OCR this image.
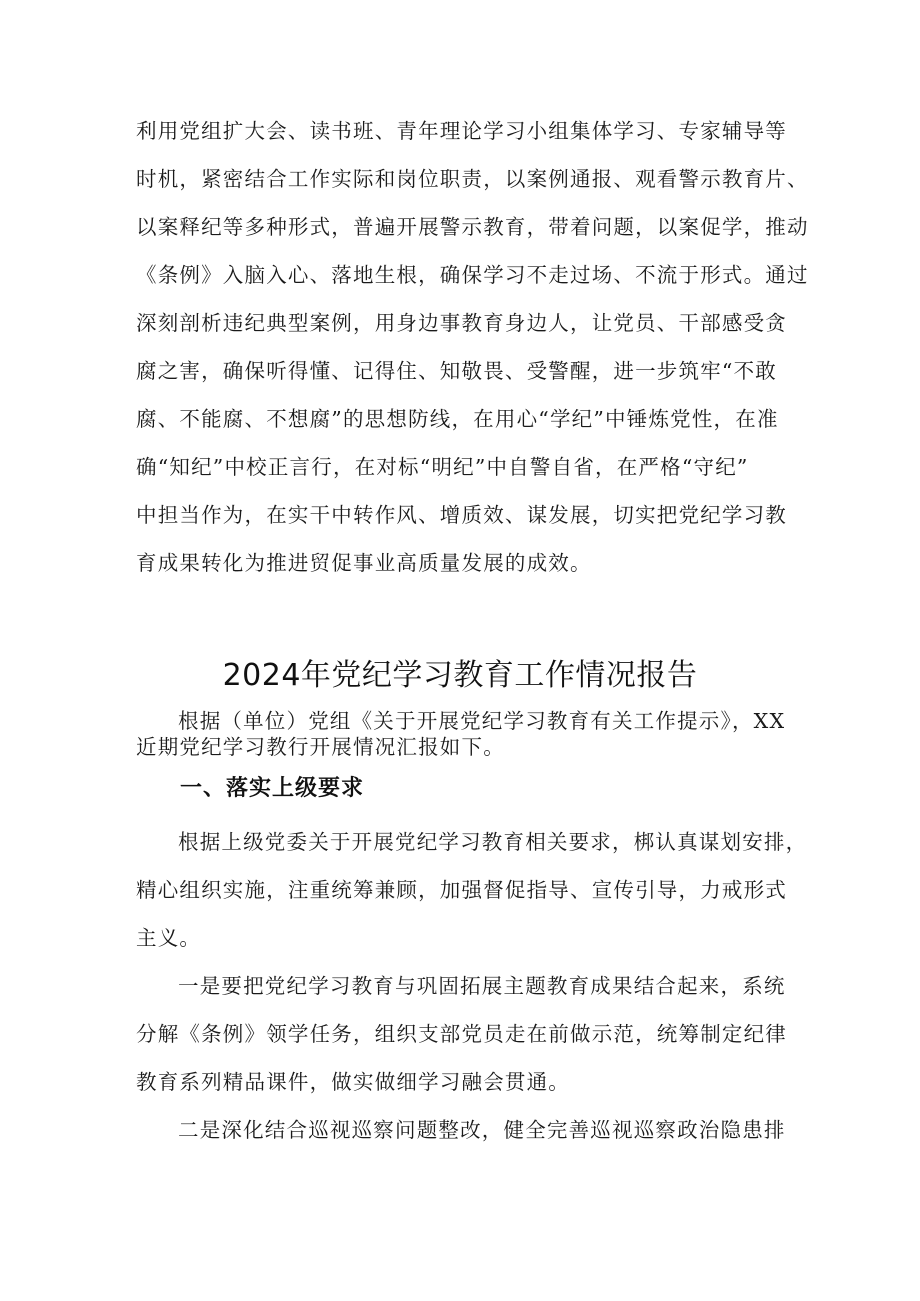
利用党组扩大会、读书班、青年理论学习小组集体学习、专家辅导等
时机，紧密结合工作实际和岗位职责，以案例通报、观看警示教育片、
以案释纪等多种形式，普遍开展警示教育，带着问题，以案促学，推动
《条例》入脑入心、落地生根，确保学习不走过场、不流于形式。通过
深刻剖析违纪典型案例，用身边事教育身边人，让党员、干部感受贪
腐之害，确保听得懂、记得住、知敬畏、受警醒，进一步筑牢“不敢
腐、不能腐、不想腐”的思想防线，在用心“学纪”中锤炼党性，在准
确“知纪”中校正言行，在对标“明纪”中自警自省，在严格“守纪”
中担当作为，在实干中转作风、增质效、谋发展，切实把党纪学习教
育成果转化为推进贸促事业高质量发展的成效。
2024年党纪学习教育工作情况报告
根据（单位）党组《关于开展党纪学习教育有关工作提示》，XX
近期党纪学习教行开展情况汇报如下。
一、落实上级要求
根据上级党委关于开展党纪学习教育相关要求，梆认真谋划安排，
精心组织实施，注重统筹兼顾，加强督促指导、宣传引导，力戒形式
主义。
一是要把党纪学习教育与巩固拓展主题教育成果结合起来，系统
分解《条例》领学任务，组织支部党员走在前做示范，统筹制定纪律
教育系列精品课件，做实做细学习融会贯通。
二是深化结合巡视巡察问题整改，健全完善巡视巡察政治隐患排
